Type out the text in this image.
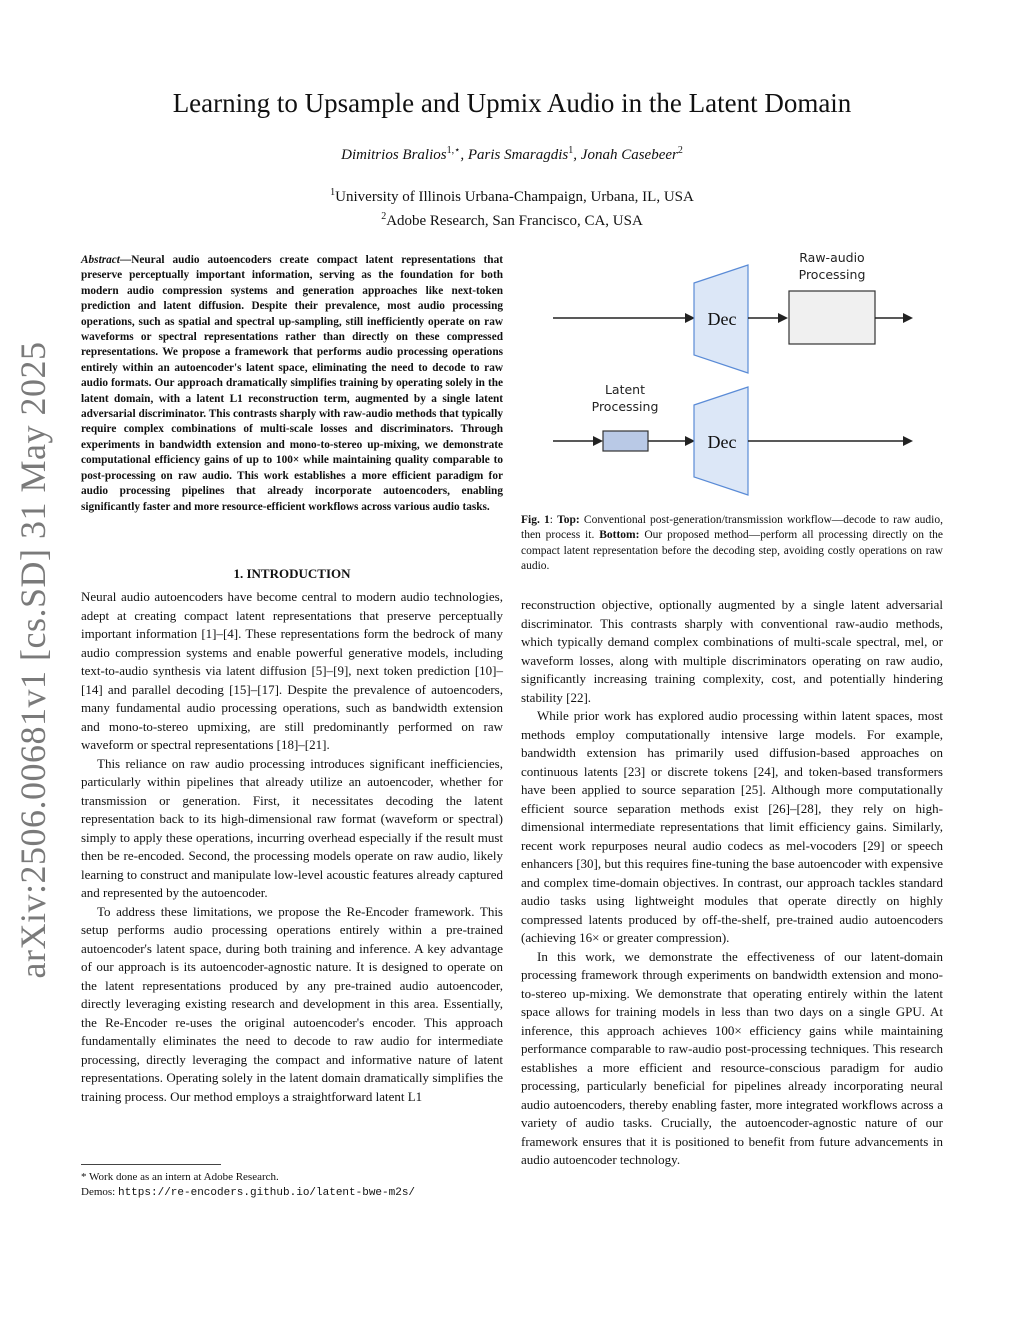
arXiv:2506.00681v1 [cs.SD] 31 May 2025
Learning to Upsample and Upmix Audio in the Latent Domain
Dimitrios Bralios$^{1,⋆}$, Paris Smaragdis$^1$, Jonah Casebeer$^2$
$^1$University of Illinois Urbana-Champaign, Urbana, IL, USA
$^2$Adobe Research, San Francisco, CA, USA
Abstract—Neural audio autoencoders create compact latent representations that preserve perceptually important information, serving as the foundation for both modern audio compression systems and generation approaches like next-token prediction and latent diffusion. Despite their prevalence, most audio processing operations, such as spatial and spectral up-sampling, still inefficiently operate on raw waveforms or spectral representations rather than directly on these compressed representations. We propose a framework that performs audio processing operations entirely within an autoencoder's latent space, eliminating the need to decode to raw audio formats. Our approach dramatically simplifies training by operating solely in the latent domain, with a latent L1 reconstruction term, augmented by a single latent adversarial discriminator. This contrasts sharply with raw-audio methods that typically require complex combinations of multi-scale losses and discriminators. Through experiments in bandwidth extension and mono-to-stereo up-mixing, we demonstrate computational efficiency gains of up to 100× while maintaining quality comparable to post-processing on raw audio. This work establishes a more efficient paradigm for audio processing pipelines that already incorporate autoencoders, enabling significantly faster and more resource-efficient workflows across various audio tasks.
1. INTRODUCTION

Neural audio autoencoders have become central to modern audio technologies, adept at creating compact latent representations that preserve perceptually important information [1]–[4]. These representations form the bedrock of many audio compression systems and enable powerful generative models, including text-to-audio synthesis via latent diffusion [5]–[9], next token prediction [10]–[14] and parallel decoding [15]–[17]. Despite the prevalence of autoencoders, many fundamental audio processing operations, such as bandwidth extension and mono-to-stereo upmixing, are still predominantly performed on raw waveform or spectral representations [18]–[21].

This reliance on raw audio processing introduces significant inefficiencies, particularly within pipelines that already utilize an autoencoder, whether for transmission or generation. First, it necessitates decoding the latent representation back to its high-dimensional raw format (waveform or spectral) simply to apply these operations, incurring overhead especially if the result must then be re-encoded. Second, the processing models operate on raw audio, likely learning to construct and manipulate low-level acoustic features already captured and represented by the autoencoder.

To address these limitations, we propose the Re-Encoder framework. This setup performs audio processing operations entirely within a pre-trained autoencoder's latent space, during both training and inference. A key advantage of our approach is its autoencoder-agnostic nature. It is designed to operate on the latent representations produced by any pre-trained audio autoencoder, directly leveraging existing research and development in this area. Essentially, the Re-Encoder re-uses the original autoencoder's encoder. This approach fundamentally eliminates the need to decode to raw audio for intermediate processing, directly leveraging the compact and informative nature of latent representations. Operating solely in the latent domain dramatically simplifies the training process. Our method employs a straightforward latent L1

* Work done as an intern at Adobe Research.
Demos: https://re-encoders.github.io/latent-bwe-m2s/
Dec
Raw-audio
Processing
Latent
Processing
Dec
Fig. 1: Top: Conventional post-generation/transmission workflow—decode to raw audio, then process it. Bottom: Our proposed method—perform all processing directly on the compact latent representation before the decoding step, avoiding costly operations on raw audio.

reconstruction objective, optionally augmented by a single latent adversarial discriminator. This contrasts sharply with conventional raw-audio methods, which typically demand complex combinations of multi-scale spectral, mel, or waveform losses, along with multiple discriminators operating on raw audio, significantly increasing training complexity, cost, and potentially hindering stability [22].

While prior work has explored audio processing within latent spaces, most methods employ computationally intensive large models. For example, bandwidth extension has primarily used diffusion-based approaches on continuous latents [23] or discrete tokens [24], and token-based transformers have been applied to source separation [25]. Although more computationally efficient source separation methods exist [26]–[28], they rely on high-dimensional intermediate representations that limit efficiency gains. Similarly, recent work repurposes neural audio codecs as mel-vocoders [29] or speech enhancers [30], but this requires fine-tuning the base autoencoder with expensive and complex time-domain objectives. In contrast, our approach tackles standard audio tasks using lightweight modules that operate directly on highly compressed latents produced by off-the-shelf, pre-trained audio autoencoders (achieving 16× or greater compression).

In this work, we demonstrate the effectiveness of our latent-domain processing framework through experiments on bandwidth extension and mono-to-stereo up-mixing. We demonstrate that operating entirely within the latent space allows for training models in less than two days on a single GPU. At inference, this approach achieves 100× efficiency gains while maintaining performance comparable to raw-audio post-processing techniques. This research establishes a more efficient and resource-conscious paradigm for audio processing, particularly beneficial for pipelines already incorporating neural audio autoencoders, thereby enabling faster, more integrated workflows across a variety of audio tasks. Crucially, the autoencoder-agnostic nature of our framework ensures that it is positioned to benefit from future advancements in audio autoencoder technology.
